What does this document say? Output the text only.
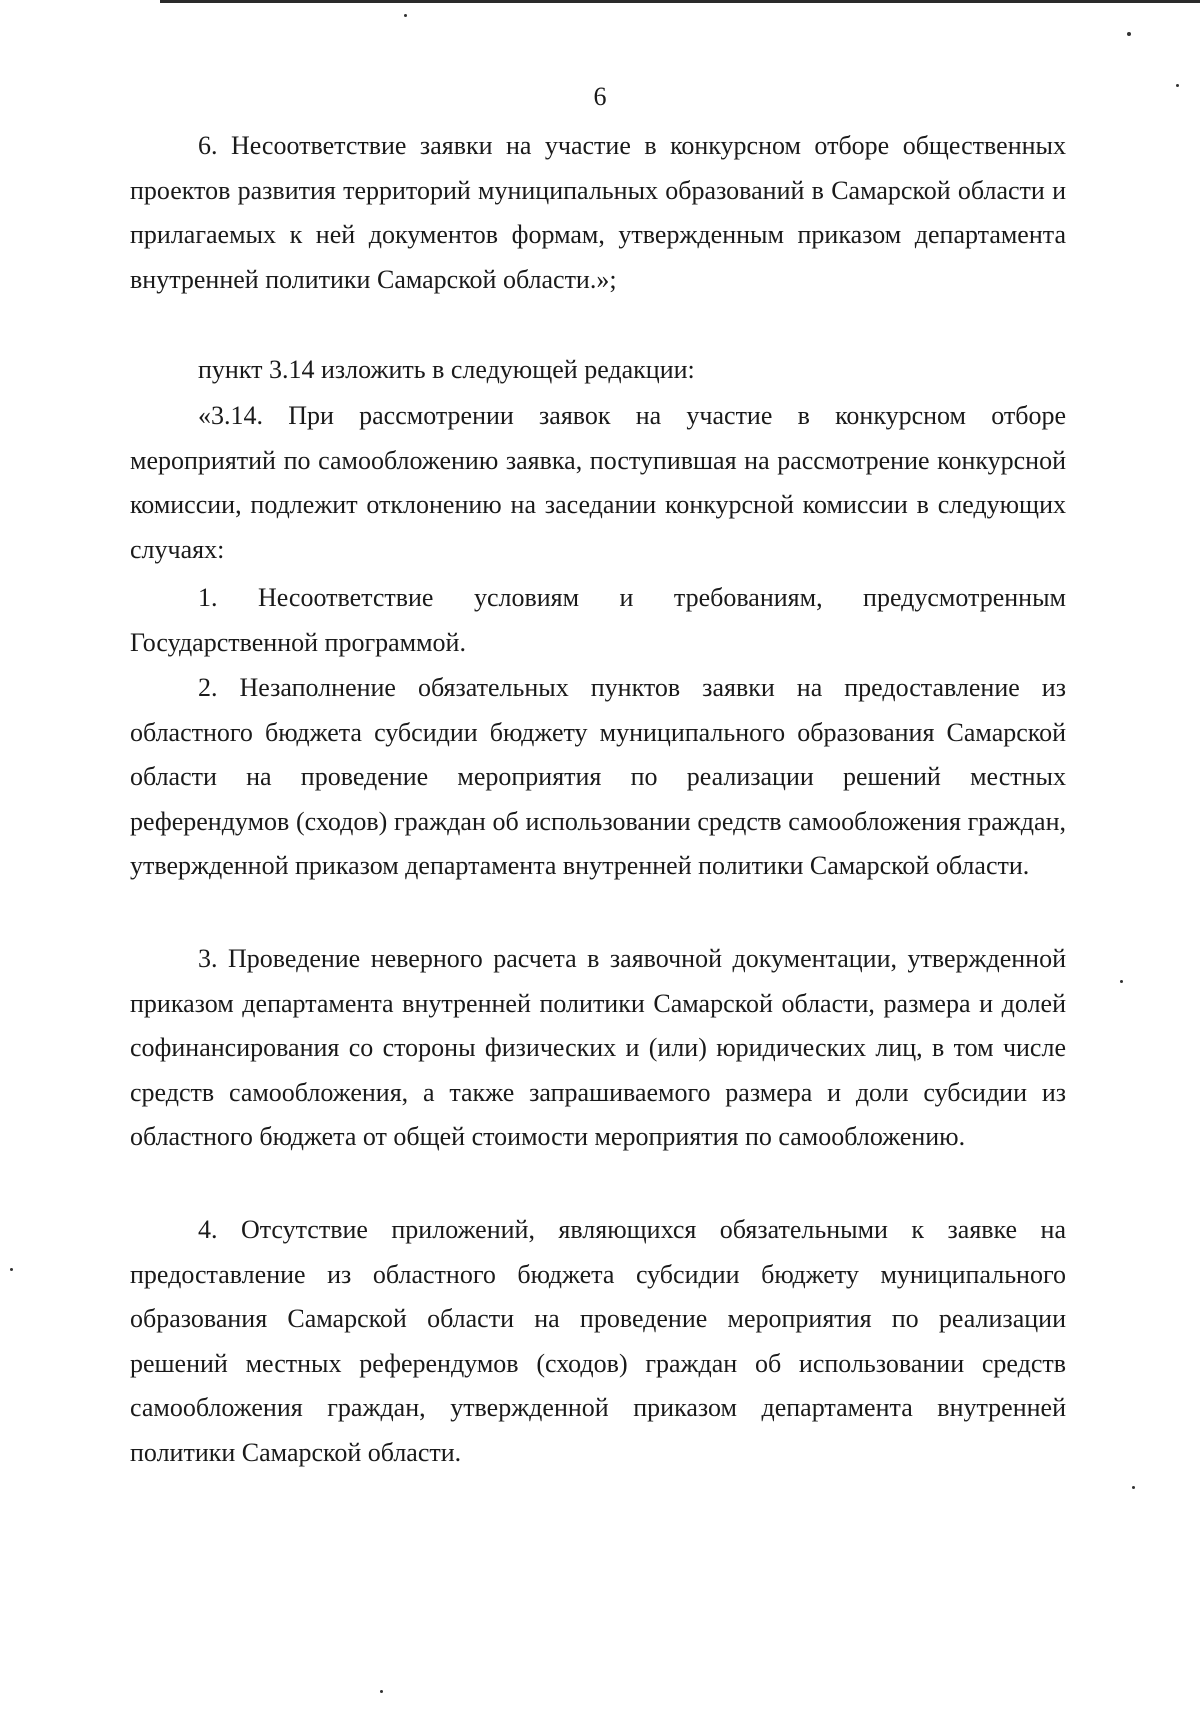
6

6. Несоответствие заявки на участие в конкурсном отборе общественных проектов развития территорий муниципальных образований в Самарской области и прилагаемых к ней документов формам, утвержденным приказом департамента внутренней политики Самарской области.»;

пункт 3.14 изложить в следующей редакции:

«3.14. При рассмотрении заявок на участие в конкурсном отборе мероприятий по самообложению заявка, поступившая на рассмотрение конкурсной комиссии, подлежит отклонению на заседании конкурсной комиссии в следующих случаях:

1. Несоответствие условиям и требованиям, предусмотренным Государственной программой.

2. Незаполнение обязательных пунктов заявки на предоставление из областного бюджета субсидии бюджету муниципального образования Самарской области на проведение мероприятия по реализации решений местных референдумов (сходов) граждан об использовании средств самообложения граждан, утвержденной приказом департамента внутренней политики Самарской области.

3. Проведение неверного расчета в заявочной документации, утвержденной приказом департамента внутренней политики Самарской области, размера и долей софинансирования со стороны физических и (или) юридических лиц, в том числе средств самообложения, а также запрашиваемого размера и доли субсидии из областного бюджета от общей стоимости мероприятия по самообложению.

4. Отсутствие приложений, являющихся обязательными к заявке на предоставление из областного бюджета субсидии бюджету муниципального образования Самарской области на проведение мероприятия по реализации решений местных референдумов (сходов) граждан об использовании средств самообложения граждан, утвержденной приказом департамента внутренней политики Самарской области.
